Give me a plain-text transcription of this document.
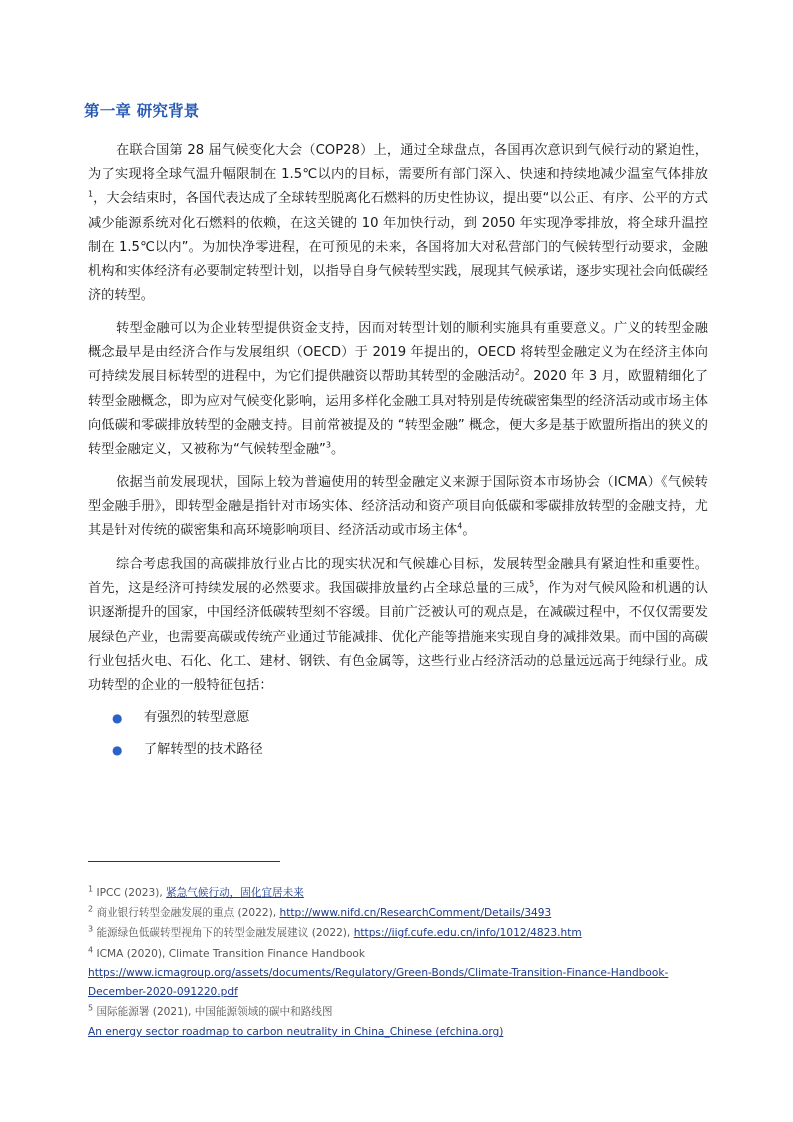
第一章 研究背景

在联合国第 28 届气候变化大会（COP28）上，通过全球盘点，各国再次意识到气候行动的紧迫性，为了实现将全球气温升幅限制在 1.5℃以内的目标，需要所有部门深入、快速和持续地减少温室气体排放$^1$，大会结束时，各国代表达成了全球转型脱离化石燃料的历史性协议，提出要“以公正、有序、公平的方式减少能源系统对化石燃料的依赖，在这关键的 10 年加快行动，到 2050 年实现净零排放，将全球升温控制在 1.5℃以内”。为加快净零进程，在可预见的未来，各国将加大对私营部门的气候转型行动要求，金融机构和实体经济有必要制定转型计划，以指导自身气候转型实践，展现其气候承诺，逐步实现社会向低碳经济的转型。

转型金融可以为企业转型提供资金支持，因而对转型计划的顺利实施具有重要意义。广义的转型金融概念最早是由经济合作与发展组织（OECD）于 2019 年提出的，OECD 将转型金融定义为在经济主体向可持续发展目标转型的进程中，为它们提供融资以帮助其转型的金融活动$^2$。2020 年 3 月，欧盟精细化了转型金融概念，即为应对气候变化影响，运用多样化金融工具对特别是传统碳密集型的经济活动或市场主体向低碳和零碳排放转型的金融支持。目前常被提及的 “转型金融” 概念，便大多是基于欧盟所指出的狭义的转型金融定义，又被称为“气候转型金融”$^3$。

依据当前发展现状，国际上较为普遍使用的转型金融定义来源于国际资本市场协会（ICMA）《气候转型金融手册》，即转型金融是指针对市场实体、经济活动和资产项目向低碳和零碳排放转型的金融支持，尤其是针对传统的碳密集和高环境影响项目、经济活动或市场主体$^4$。

综合考虑我国的高碳排放行业占比的现实状况和气候雄心目标，发展转型金融具有紧迫性和重要性。首先，这是经济可持续发展的必然要求。我国碳排放量约占全球总量的三成$^5$，作为对气候风险和机遇的认识逐渐提升的国家，中国经济低碳转型刻不容缓。目前广泛被认可的观点是，在减碳过程中，不仅仅需要发展绿色产业，也需要高碳或传统产业通过节能减排、优化产能等措施来实现自身的减排效果。而中国的高碳行业包括火电、石化、化工、建材、钢铁、有色金属等，这些行业占经济活动的总量远远高于纯绿行业。成功转型的企业的一般特征包括：

● 有强烈的转型意愿
● 了解转型的技术路径
$^1$ IPCC (2023), 紧急气候行动，固化宜居未来
$^2$ 商业银行转型金融发展的重点 (2022), http://www.nifd.cn/ResearchComment/Details/3493
$^3$ 能源绿色低碳转型视角下的转型金融发展建议 (2022), https://iigf.cufe.edu.cn/info/1012/4823.htm
$^4$ ICMA (2020), Climate Transition Finance Handbook
https://www.icmagroup.org/assets/documents/Regulatory/Green-Bonds/Climate-Transition-Finance-Handbook-
December-2020-091220.pdf
$^5$ 国际能源署 (2021), 中国能源领域的碳中和路线图
An energy sector roadmap to carbon neutrality in China_Chinese (efchina.org)
